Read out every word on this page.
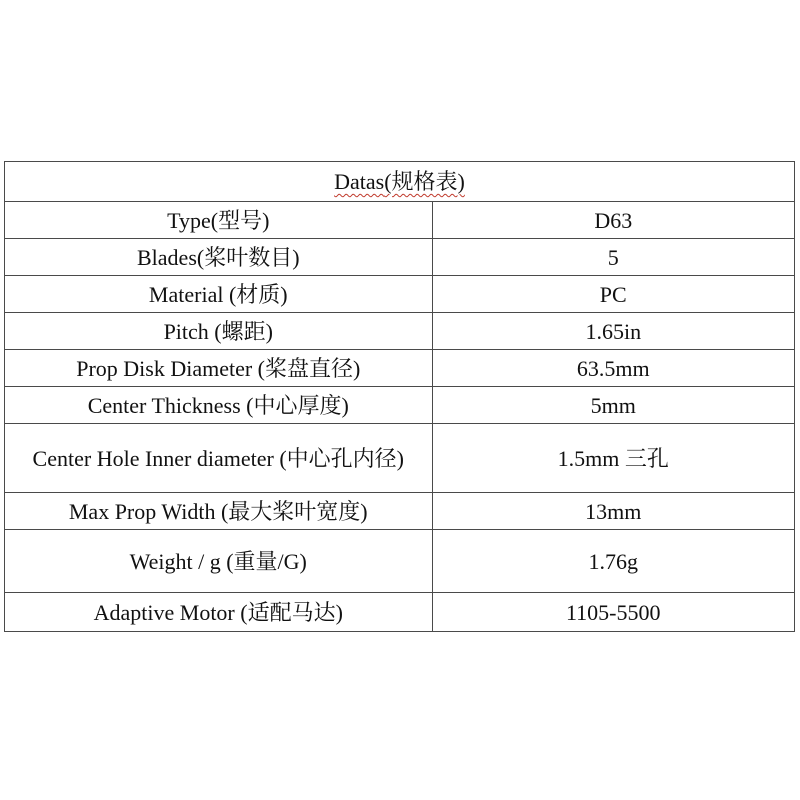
Datas(规格表)	
Type(型号)	D63
Blades(桨叶数目)	5
Material (材质)	PC
Pitch (螺距)	1.65in
Prop Disk Diameter (桨盘直径)	63.5mm
Center Thickness (中心厚度)	5mm
Center Hole Inner diameter (中心孔内径)	1.5mm 三孔
Max Prop Width (最大桨叶宽度)	13mm
Weight / g (重量/G)	1.76g
Adaptive Motor (适配马达)	1105-5500
